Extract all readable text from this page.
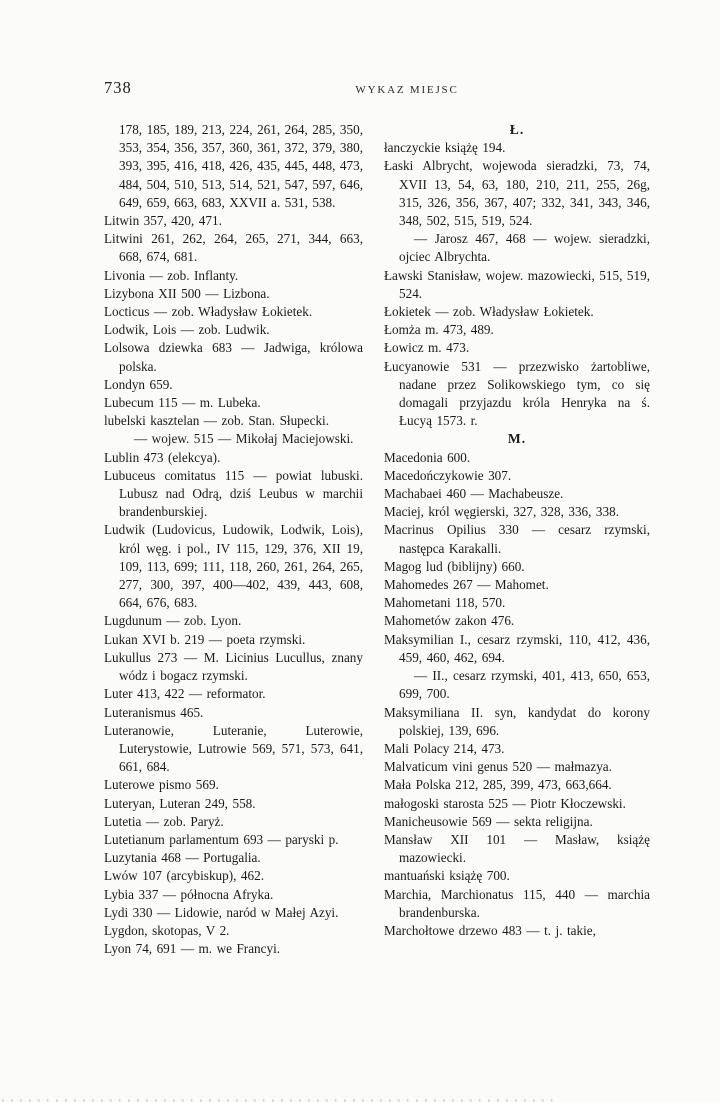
738	WYKAZ MIEJSC

178, 185, 189, 213, 224, 261, 264, 285, 350, 353, 354, 356, 357, 360, 361, 372, 379, 380, 393, 395, 416, 418, 426, 435, 445, 448, 473, 484, 504, 510, 513, 514, 521, 547, 597, 646, 649, 659, 663, 683, XXVII a. 531, 538.

Litwin 357, 420, 471.

Litwini 261, 262, 264, 265, 271, 344, 663, 668, 674, 681.

Livonia — zob. Inflanty.

Lizybona XII 500 — Lizbona.

Locticus — zob. Władysław Łokietek.

Lodwik, Lois — zob. Ludwik.

Lolsowa dziewka 683 — Jadwiga, królowa polska.

Londyn 659.

Lubecum 115 — m. Lubeka.

lubelski kasztelan — zob. Stan. Słupecki.

— wojew. 515 — Mikołaj Maciejowski.

Lublin 473 (elekcya).

Lubuceus comitatus 115 — powiat lubuski. Lubusz nad Odrą, dziś Leubus w marchii brandenburskiej.

Ludwik (Ludovicus, Ludowik, Lodwik, Lois), król węg. i pol., IV 115, 129, 376, XII 19, 109, 113, 699; 111, 118, 260, 261, 264, 265, 277, 300, 397, 400—402, 439, 443, 608, 664, 676, 683.

Lugdunum — zob. Lyon.

Lukan XVI b. 219 — poeta rzymski.

Lukullus 273 — M. Licinius Lucullus, znany wódz i bogacz rzymski.

Luter 413, 422 — reformator.

Luteranismus 465.

Luteranowie, Luteranie, Luterowie, Luterystowie, Lutrowie 569, 571, 573, 641, 661, 684.

Luterowe pismo 569.

Luteryan, Luteran 249, 558.

Lutetia — zob. Paryż.

Lutetianum parlamentum 693 — paryski p.

Luzytania 468 — Portugalia.

Lwów 107 (arcybiskup), 462.

Lybia 337 — północna Afryka.

Lydi 330 — Lidowie, naród w Małej Azyi.

Lygdon, skotopas, V 2.

Lyon 74, 691 — m. we Francyi.

Ł.

łanczyckie książę 194.

Łaski Albrycht, wojewoda sieradzki, 73, 74, XVII 13, 54, 63, 180, 210, 211, 255, 26g, 315, 326, 356, 367, 407; 332, 341, 343, 346, 348, 502, 515, 519, 524.

— Jarosz 467, 468 — wojew. sieradzki, ojciec Albrychta.

Ławski Stanisław, wojew. mazowiecki, 515, 519, 524.

Łokietek — zob. Władysław Łokietek.

Łomża m. 473, 489.

Łowicz m. 473.

Łucyanowie 531 — przezwisko żartobliwe, nadane przez Solikowskiego tym, co się domagali przyjazdu króla Henryka na ś. Łucyą 1573. r.

M.

Macedonia 600.

Macedończykowie 307.

Machabaei 460 — Machabeusze.

Maciej, król węgierski, 327, 328, 336, 338.

Macrinus Opilius 330 — cesarz rzymski, następca Karakalli.

Magog lud (biblijny) 660.

Mahomedes 267 — Mahomet.

Mahometani 118, 570.

Mahometów zakon 476.

Maksymilian I., cesarz rzymski, 110, 412, 436, 459, 460, 462, 694.

— II., cesarz rzymski, 401, 413, 650, 653, 699, 700.

Maksymiliana II. syn, kandydat do korony polskiej, 139, 696.

Mali Polacy 214, 473.

Malvaticum vini genus 520 — małmazya.

Mała Polska 212, 285, 399, 473, 663,664.

małogoski starosta 525 — Piotr Kłoczewski.

Manicheusowie 569 — sekta religijna.

Mansław XII 101 — Masław, książę mazowiecki.

mantuański książę 700.

Marchia, Marchionatus 115, 440 — marchia brandenburska.

Marchołtowe drzewo 483 — t. j. takie,
